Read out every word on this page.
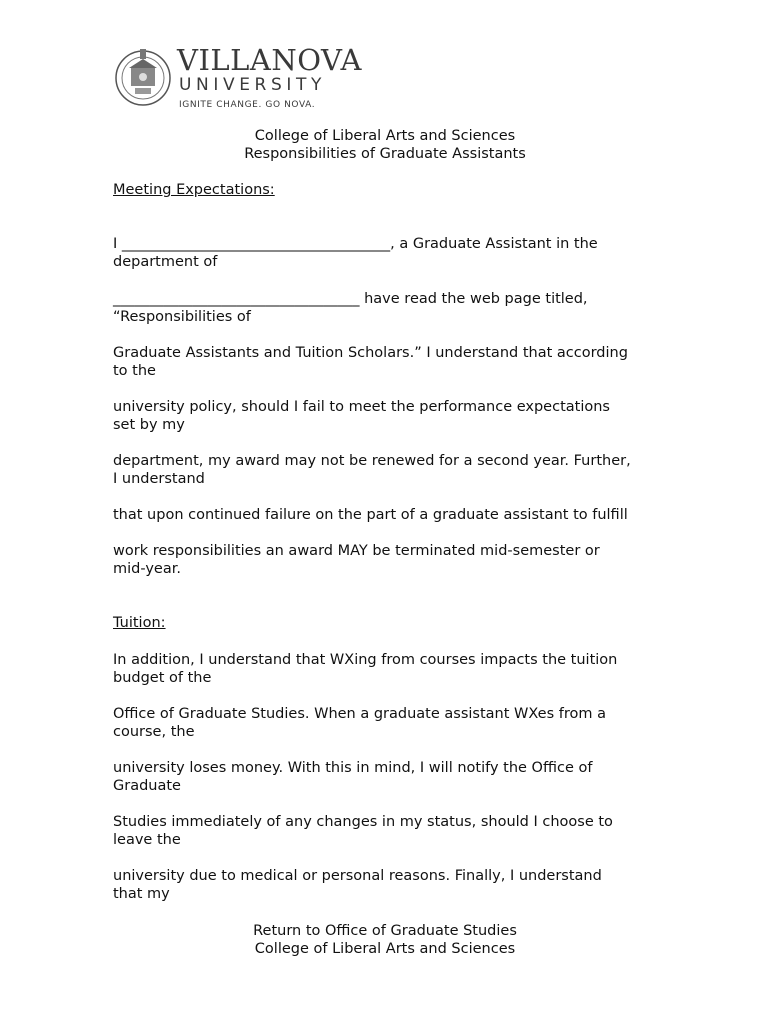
VILLANOVA
UNIVERSITY
IGNITE CHANGE. GO NOVA.
College of Liberal Arts and Sciences
Responsibilities of Graduate Assistants

Meeting Expectations:

I _____________________________________, a Graduate Assistant in the

department of

__________________________________ have read the web page titled,

“Responsibilities of

Graduate Assistants and Tuition Scholars.” I understand that according

to the

university policy, should I fail to meet the performance expectations

set by my

department, my award may not be renewed for a second year. Further,

I understand

that upon continued failure on the part of a graduate assistant to fulfill

work responsibilities an award MAY be terminated mid-semester or

mid-year.

Tuition:

In addition, I understand that WXing from courses impacts the tuition

budget of the

Office of Graduate Studies. When a graduate assistant WXes from a

course, the

university loses money. With this in mind, I will notify the Office of

Graduate

Studies immediately of any changes in my status, should I choose to

leave the

university due to medical or personal reasons. Finally, I understand

that my

Return to Office of Graduate Studies
College of Liberal Arts and Sciences
